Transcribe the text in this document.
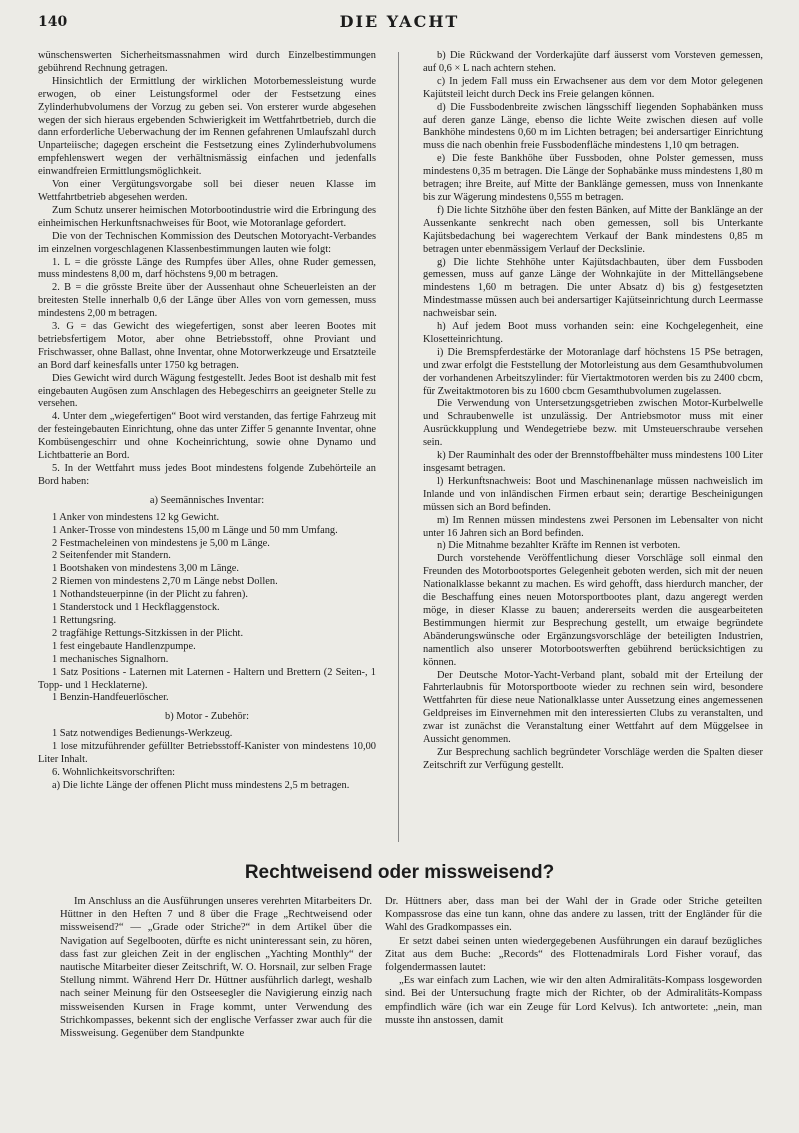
140	DIE YACHT

wünschenswerten Sicherheitsmassnahmen wird durch Einzelbestimmungen gebührend Rechnung getragen.

Hinsichtlich der Ermittlung der wirklichen Motorbemessleistung wurde erwogen, ob einer Leistungsformel oder der Festsetzung eines Zylinderhubvolumens der Vorzug zu geben sei. Von ersterer wurde abgesehen wegen der sich hieraus ergebenden Schwierigkeit im Wettfahrtbetrieb, durch die dann erforderliche Ueberwachung der im Rennen gefahrenen Umlaufszahl durch Unparteiische; dagegen erscheint die Festsetzung eines Zylinderhubvolumens empfehlenswert wegen der verhältnismässig einfachen und jedenfalls einwandfreien Ermittlungsmöglichkeit.

Von einer Vergütungsvorgabe soll bei dieser neuen Klasse im Wettfahrtbetrieb abgesehen werden.

Zum Schutz unserer heimischen Motorbootindustrie wird die Erbringung des einheimischen Herkunftsnachweises für Boot, wie Motoranlage gefordert.

Die von der Technischen Kommission des Deutschen Motoryacht-Verbandes im einzelnen vorgeschlagenen Klassenbestimmungen lauten wie folgt:

1. L = die grösste Länge des Rumpfes über Alles, ohne Ruder gemessen, muss mindestens 8,00 m, darf höchstens 9,00 m betragen.

2. B = die grösste Breite über der Aussenhaut ohne Scheuerleisten an der breitesten Stelle innerhalb 0,6 der Länge über Alles von vorn gemessen, muss mindestens 2,00 m betragen.

3. G = das Gewicht des wiegefertigen, sonst aber leeren Bootes mit betriebsfertigem Motor, aber ohne Betriebsstoff, ohne Proviant und Frischwasser, ohne Ballast, ohne Inventar, ohne Motorwerkzeuge und Ersatzteile an Bord darf keinesfalls unter 1750 kg betragen.

Dies Gewicht wird durch Wägung festgestellt. Jedes Boot ist deshalb mit fest eingebauten Augösen zum Anschlagen des Hebegeschirrs an geeigneter Stelle zu versehen.

4. Unter dem „wiegefertigen“ Boot wird verstanden, das fertige Fahrzeug mit der festeingebauten Einrichtung, ohne das unter Ziffer 5 genannte Inventar, ohne Kombüsengeschirr und ohne Kocheinrichtung, sowie ohne Dynamo und Lichtbatterie an Bord.

5. In der Wettfahrt muss jedes Boot mindestens folgende Zubehörteile an Bord haben:

a) Seemännisches Inventar:

1 Anker von mindestens 12 kg Gewicht.

1 Anker-Trosse von mindestens 15,00 m Länge und 50 mm Umfang.

2 Festmacheleinen von mindestens je 5,00 m Länge.

2 Seitenfender mit Standern.

1 Bootshaken von mindestens 3,00 m Länge.

2 Riemen von mindestens 2,70 m Länge nebst Dollen.

1 Nothandsteuerpinne (in der Plicht zu fahren).

1 Standerstock und 1 Heckflaggenstock.

1 Rettungsring.

2 tragfähige Rettungs-Sitzkissen in der Plicht.

1 fest eingebaute Handlenzpumpe.

1 mechanisches Signalhorn.

1 Satz Positions - Laternen mit Laternen - Haltern und Brettern (2 Seiten-, 1 Topp- und 1 Hecklaterne).

1 Benzin-Handfeuerlöscher.

b) Motor - Zubehör:

1 Satz notwendiges Bedienungs-Werkzeug.

1 lose mitzuführender gefüllter Betriebsstoff-Kanister von mindestens 10,00 Liter Inhalt.

6. Wohnlichkeitsvorschriften:

a) Die lichte Länge der offenen Plicht muss mindestens 2,5 m betragen.

b) Die Rückwand der Vorderkajüte darf äusserst vom Vorsteven gemessen, auf 0,6 × L nach achtern stehen.

c) In jedem Fall muss ein Erwachsener aus dem vor dem Motor gelegenen Kajütsteil leicht durch Deck ins Freie gelangen können.

d) Die Fussbodenbreite zwischen längsschiff liegenden Sophabänken muss auf deren ganze Länge, ebenso die lichte Weite zwischen diesen auf volle Bankhöhe mindestens 0,60 m im Lichten betragen; bei andersartiger Einrichtung muss die nach obenhin freie Fussbodenfläche mindestens 1,10 qm betragen.

e) Die feste Bankhöhe über Fussboden, ohne Polster gemessen, muss mindestens 0,35 m betragen. Die Länge der Sophabänke muss mindestens 1,80 m betragen; ihre Breite, auf Mitte der Banklänge gemessen, muss von Innenkante bis zur Wägerung mindestens 0,555 m betragen.

f) Die lichte Sitzhöhe über den festen Bänken, auf Mitte der Banklänge an der Aussenkante senkrecht nach oben gemessen, soll bis Unterkante Kajütsbedachung bei wagerechtem Verkauf der Bank mindestens 0,85 m betragen unter ebenmässigem Verlauf der Deckslinie.

g) Die lichte Stehhöhe unter Kajütsdachbauten, über dem Fussboden gemessen, muss auf ganze Länge der Wohnkajüte in der Mittellängsebene mindestens 1,60 m betragen. Die unter Absatz d) bis g) festgesetzten Mindestmasse müssen auch bei andersartiger Kajütseinrichtung durch Leermasse nachweisbar sein.

h) Auf jedem Boot muss vorhanden sein: eine Kochgelegenheit, eine Klosetteinrichtung.

i) Die Bremspferdestärke der Motoranlage darf höchstens 15 PSe betragen, und zwar erfolgt die Feststellung der Motorleistung aus dem Gesamthubvolumen der vorhandenen Arbeitszylinder: für Viertaktmotoren werden bis zu 2400 cbcm, für Zweitaktmotoren bis zu 1600 cbcm Gesamthubvolumen zugelassen.

Die Verwendung von Untersetzungsgetrieben zwischen Motor-Kurbelwelle und Schraubenwelle ist unzulässig. Der Antriebsmotor muss mit einer Ausrückkupplung und Wendegetriebe bezw. mit Umsteuerschraube versehen sein.

k) Der Rauminhalt des oder der Brennstoffbehälter muss mindestens 100 Liter insgesamt betragen.

l) Herkunftsnachweis: Boot und Maschinenanlage müssen nachweislich im Inlande und von inländischen Firmen erbaut sein; derartige Bescheinigungen müssen sich an Bord befinden.

m) Im Rennen müssen mindestens zwei Personen im Lebensalter von nicht unter 16 Jahren sich an Bord befinden.

n) Die Mitnahme bezahlter Kräfte im Rennen ist verboten.

Durch vorstehende Veröffentlichung dieser Vorschläge soll einmal den Freunden des Motorbootsportes Gelegenheit geboten werden, sich mit der neuen Nationalklasse bekannt zu machen. Es wird gehofft, dass hierdurch mancher, der die Beschaffung eines neuen Motorsportbootes plant, dazu angeregt werden möge, in dieser Klasse zu bauen; andererseits werden die ausgearbeiteten Bestimmungen hiermit zur Besprechung gestellt, um etwaige begründete Abänderungswünsche oder Ergänzungsvorschläge der beteiligten Industrien, namentlich also unserer Motorbootswerften gebührend berücksichtigen zu können.

Der Deutsche Motor-Yacht-Verband plant, sobald mit der Erteilung der Fahrterlaubnis für Motorsportboote wieder zu rechnen sein wird, besondere Wettfahrten für diese neue Nationalklasse unter Aussetzung eines angemessenen Geldpreises im Einvernehmen mit den interessierten Clubs zu veranstalten, und zwar ist zunächst die Veranstaltung einer Wettfahrt auf dem Müggelsee in Aussicht genommen.

Zur Besprechung sachlich begründeter Vorschläge werden die Spalten dieser Zeitschrift zur Verfügung gestellt.

Rechtweisend oder missweisend?

Im Anschluss an die Ausführungen unseres verehrten Mitarbeiters Dr. Hüttner in den Heften 7 und 8 über die Frage „Rechtweisend oder missweisend?“ — „Grade oder Striche?“ in dem Artikel über die Navigation auf Segelbooten, dürfte es nicht uninteressant sein, zu hören, dass fast zur gleichen Zeit in der englischen „Yachting Monthly“ der nautische Mitarbeiter dieser Zeitschrift, W. O. Horsnail, zur selben Frage Stellung nimmt. Während Herr Dr. Hüttner ausführlich darlegt, weshalb nach seiner Meinung für den Ostseesegler die Navigierung einzig nach missweisenden Kursen in Frage kommt, unter Verwendung des Strichkompasses, bekennt sich der englische Verfasser zwar auch für die Missweisung. Gegenüber dem Standpunkte

Dr. Hüttners aber, dass man bei der Wahl der in Grade oder Striche geteilten Kompassrose das eine tun kann, ohne das andere zu lassen, tritt der Engländer für die Wahl des Gradkompasses ein.

Er setzt dabei seinen unten wiedergegebenen Ausführungen ein darauf bezügliches Zitat aus dem Buche: „Records“ des Flottenadmirals Lord Fisher vorauf, das folgendermassen lautet:

„Es war einfach zum Lachen, wie wir den alten Admiralitäts-Kompass losgeworden sind. Bei der Untersuchung fragte mich der Richter, ob der Admiralitäts-Kompass empfindlich wäre (ich war ein Zeuge für Lord Kelvus). Ich antwortete: „nein, man musste ihn anstossen, damit
